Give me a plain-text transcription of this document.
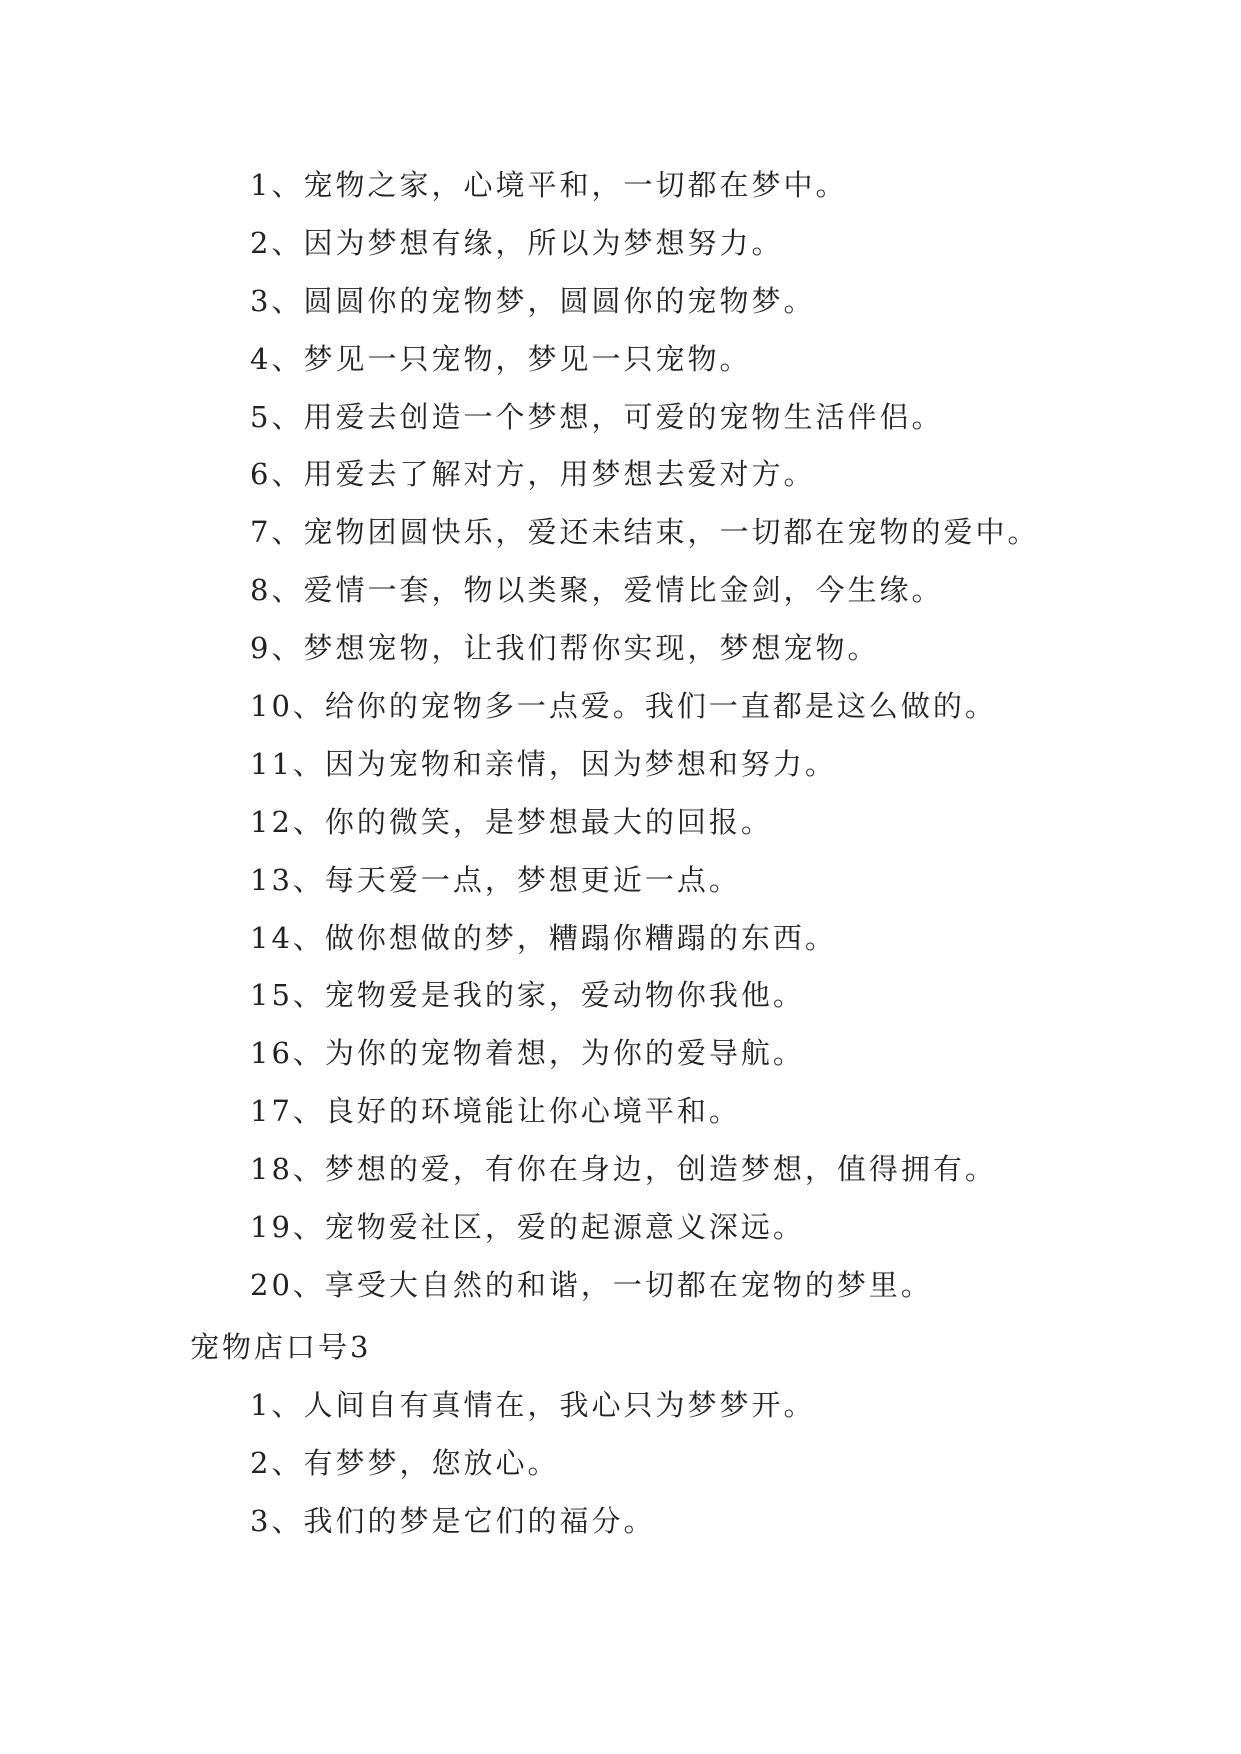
1、宠物之家，心境平和，一切都在梦中。
2、因为梦想有缘，所以为梦想努力。
3、圆圆你的宠物梦，圆圆你的宠物梦。
4、梦见一只宠物，梦见一只宠物。
5、用爱去创造一个梦想，可爱的宠物生活伴侣。
6、用爱去了解对方，用梦想去爱对方。
7、宠物团圆快乐，爱还未结束，一切都在宠物的爱中。
8、爱情一套，物以类聚，爱情比金剑，今生缘。
9、梦想宠物，让我们帮你实现，梦想宠物。
10、给你的宠物多一点爱。我们一直都是这么做的。
11、因为宠物和亲情，因为梦想和努力。
12、你的微笑，是梦想最大的回报。
13、每天爱一点，梦想更近一点。
14、做你想做的梦，糟蹋你糟蹋的东西。
15、宠物爱是我的家，爱动物你我他。
16、为你的宠物着想，为你的爱导航。
17、良好的环境能让你心境平和。
18、梦想的爱，有你在身边，创造梦想，值得拥有。
19、宠物爱社区，爱的起源意义深远。
20、享受大自然的和谐，一切都在宠物的梦里。
宠物店口号3
1、人间自有真情在，我心只为梦梦开。
2、有梦梦，您放心。
3、我们的梦是它们的福分。
